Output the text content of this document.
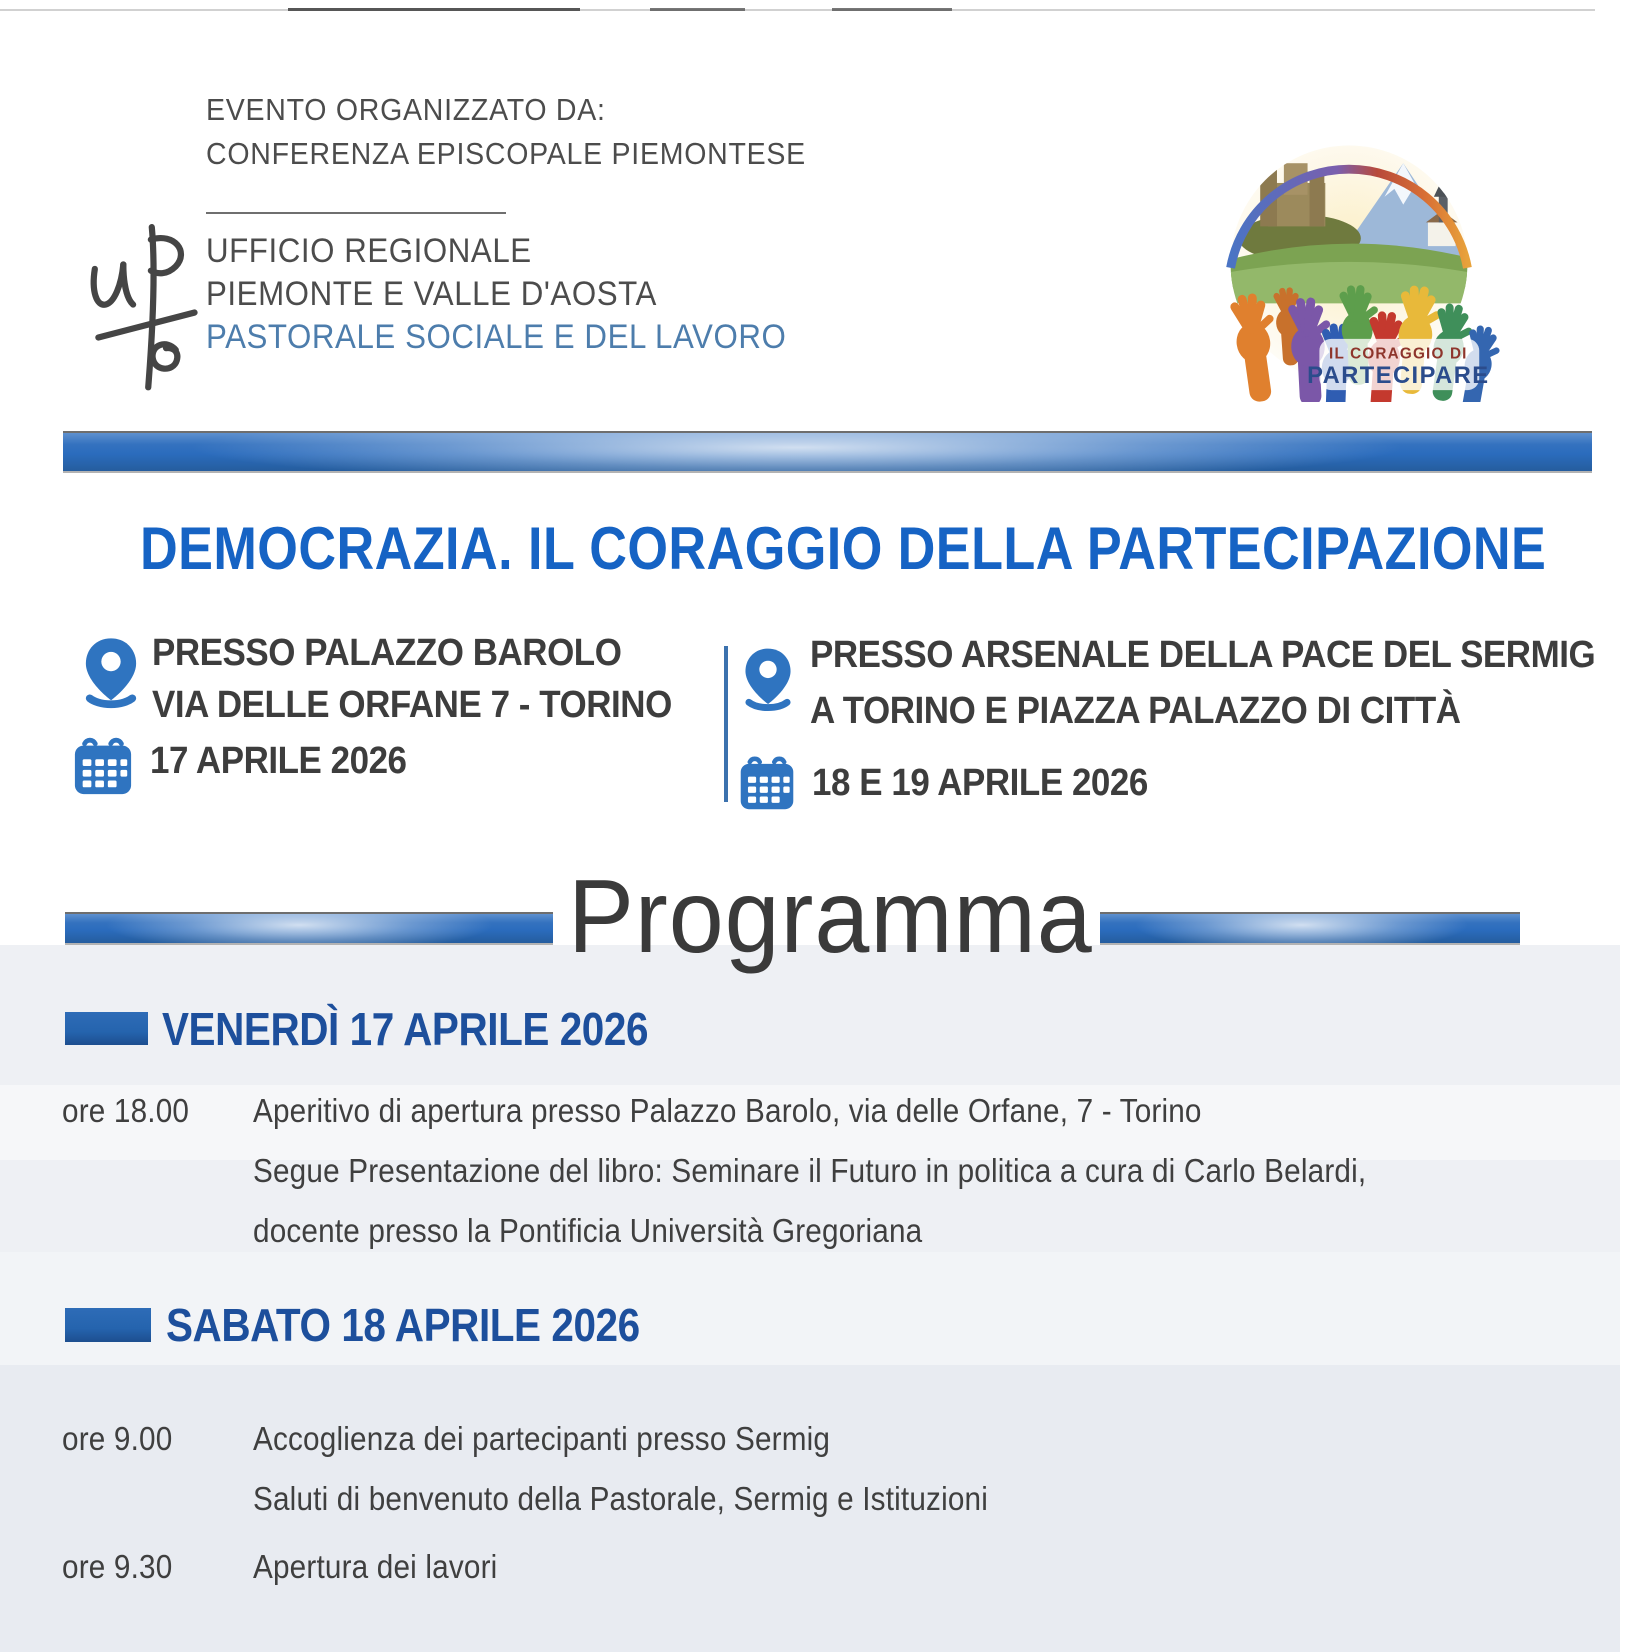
EVENTO ORGANIZZATO DA:
CONFERENZA EPISCOPALE PIEMONTESE
UFFICIO REGIONALE
PIEMONTE E VALLE D'AOSTA
PASTORALE SOCIALE E DEL LAVORO	IL CORAGGIO DI
PARTECIPARE
DEMOCRAZIA. IL CORAGGIO DELLA PARTECIPAZIONE
PRESSO PALAZZO BAROLO
VIA DELLE ORFANE 7 - TORINO
17 APRILE 2026
PRESSO ARSENALE DELLA PACE DEL SERMIG
A TORINO E PIAZZA PALAZZO DI CITTÀ
18 E 19 APRILE 2026
Programma
VENERDÌ 17 APRILE 2026
ore 18.00 Aperitivo di apertura presso Palazzo Barolo, via delle Orfane, 7 - Torino
Segue Presentazione del libro: Seminare il Futuro in politica a cura di Carlo Belardi,
docente presso la Pontificia Università Gregoriana
SABATO 18 APRILE 2026
ore 9.00 Accoglienza dei partecipanti presso Sermig
Saluti di benvenuto della Pastorale, Sermig e Istituzioni
ore 9.30 Apertura dei lavori
